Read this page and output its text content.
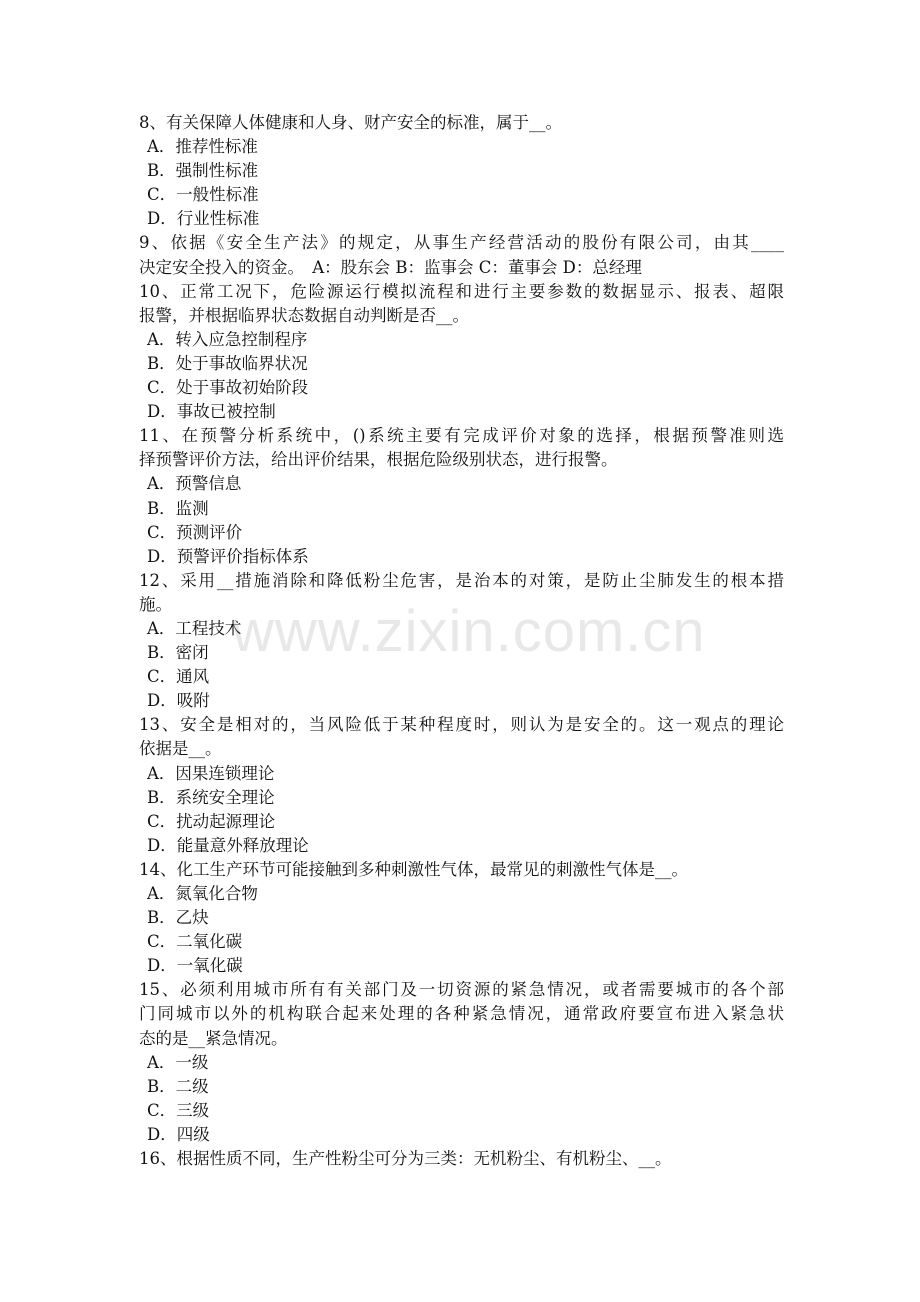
8、有关保障人体健康和人身、财产安全的标准，属于__。
A．推荐性标准
B．强制性标准
C．一般性标准
D．行业性标准
9、依据《安全生产法》的规定，从事生产经营活动的股份有限公司，由其____
决定安全投入的资金。　A：股东会 B：监事会 C：董事会 D：总经理
10、正常工况下，危险源运行模拟流程和进行主要参数的数据显示、报表、超限
报警，并根据临界状态数据自动判断是否__。
A．转入应急控制程序
B．处于事故临界状况
C．处于事故初始阶段
D．事故已被控制
11、在预警分析系统中，()系统主要有完成评价对象的选择，根据预警准则选
择预警评价方法，给出评价结果，根据危险级别状态，进行报警。
A．预警信息
B．监测
C．预测评价
D．预警评价指标体系
12、采用__措施消除和降低粉尘危害，是治本的对策，是防止尘肺发生的根本措
施。
A．工程技术
B．密闭
C．通风
D．吸附
13、安全是相对的，当风险低于某种程度时，则认为是安全的。这一观点的理论
依据是__。
A．因果连锁理论
B．系统安全理论
C．扰动起源理论
D．能量意外释放理论
14、化工生产环节可能接触到多种刺激性气体，最常见的刺激性气体是__。
A．氮氧化合物
B．乙炔
C．二氧化碳
D．一氧化碳
15、必须利用城市所有有关部门及一切资源的紧急情况，或者需要城市的各个部
门同城市以外的机构联合起来处理的各种紧急情况，通常政府要宣布进入紧急状
态的是__紧急情况。
A．一级
B．二级
C．三级
D．四级
16、根据性质不同，生产性粉尘可分为三类：无机粉尘、有机粉尘、__。
www.zixin.com.cn
